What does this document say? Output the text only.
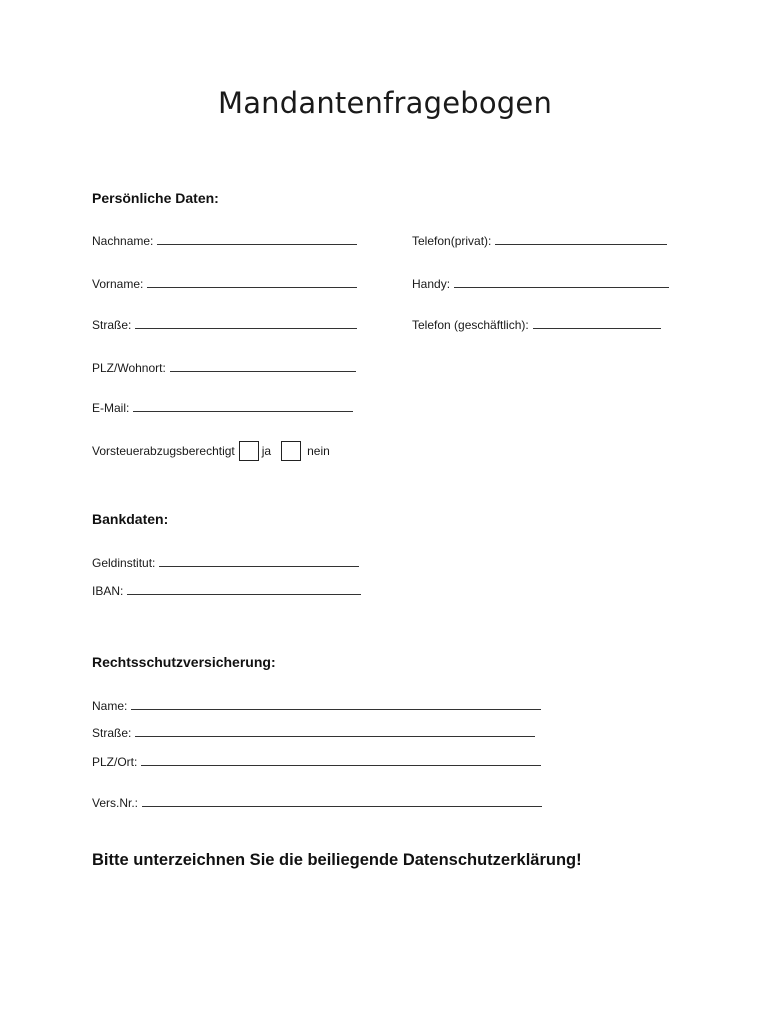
Mandantenfragebogen
Persönliche Daten:
Nachname:
Vorname:
Straße:
PLZ/Wohnort:
E-Mail:
Telefon(privat):
Handy:
Telefon (geschäftlich):
Vorsteuerabzugsberechtigt ja	nein
Bankdaten:
Geldinstitut:
IBAN:
Rechtsschutzversicherung:
Name:
Straße:
PLZ/Ort:
Vers.Nr.:
Bitte unterzeichnen Sie die beiliegende Datenschutzerklärung!
